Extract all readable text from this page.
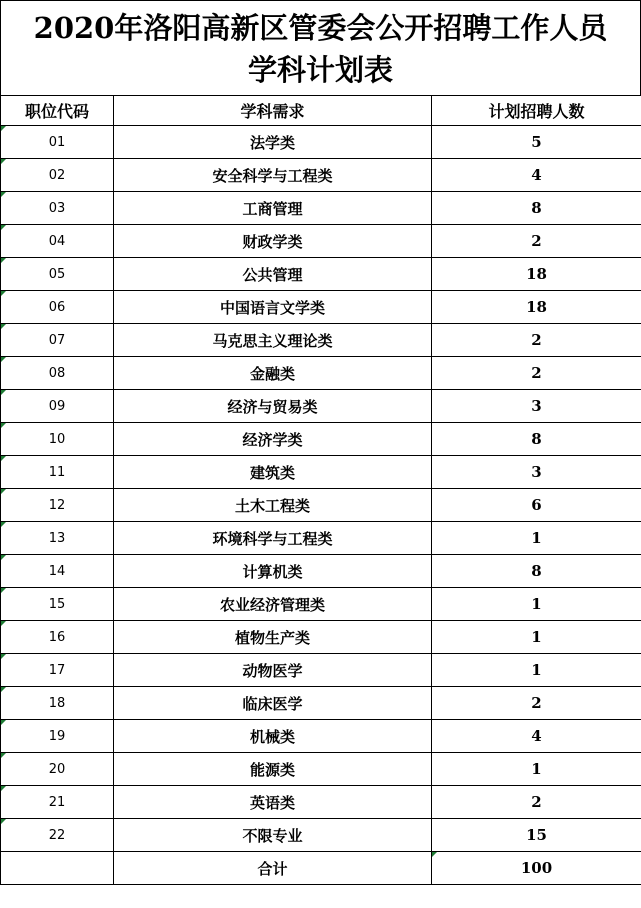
2020年洛阳高新区管委会公开招聘工作人员
学科计划表
职位代码	学科需求	计划招聘人数
01	法学类	5
02	安全科学与工程类	4
03	工商管理	8
04	财政学类	2
05	公共管理	18
06	中国语言文学类	18
07	马克思主义理论类	2
08	金融类	2
09	经济与贸易类	3
10	经济学类	8
11	建筑类	3
12	土木工程类	6
13	环境科学与工程类	1
14	计算机类	8
15	农业经济管理类	1
16	植物生产类	1
17	动物医学	1
18	临床医学	2
19	机械类	4
20	能源类	1
21	英语类	2
22	不限专业	15
	合计	100
